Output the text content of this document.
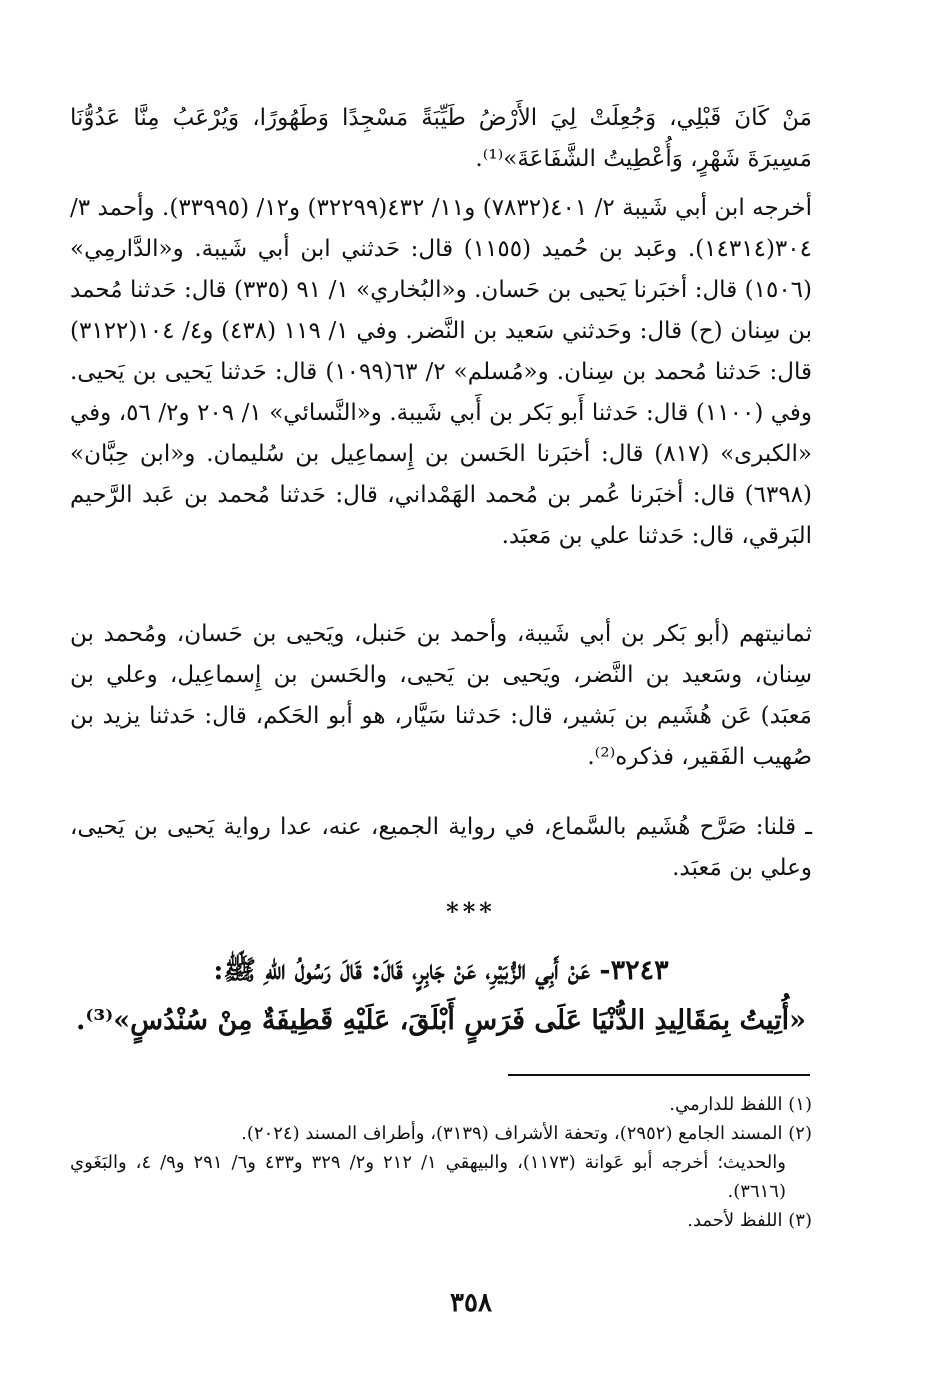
مَنْ كَانَ قَبْلِي، وَجُعِلَتْ لِيَ الأَرْضُ طَيِّبَةً مَسْجِدًا وَطَهُورًا، وَيُرْعَبُ مِنَّا عَدُوُّنَا مَسِيرَةَ شَهْرٍ، وَأُعْطِيتُ الشَّفَاعَةَ»⁽¹⁾.

أخرجه ابن أبي شَيبة ٢/ ٤٠١(٧٨٣٢) و١١/ ٤٣٢(٣٢٢٩٩) و١٢/ (٣٣٩٩٥). وأحمد ٣/ ٣٠٤(١٤٣١٤). وعَبد بن حُميد (١١٥٥) قال: حَدثني ابن أبي شَيبة. و«الدَّارمِي» (١٥٠٦) قال: أخبَرنا يَحيى بن حَسان. و«البُخاري» ١/ ٩١ (٣٣٥) قال: حَدثنا مُحمد بن سِنان (ح) قال: وحَدثني سَعيد بن النَّضر. وفي ١/ ١١٩ (٤٣٨) و٤/ ١٠٤(٣١٢٢) قال: حَدثنا مُحمد بن سِنان. و«مُسلم» ٢/ ٦٣(١٠٩٩) قال: حَدثنا يَحيى بن يَحيى. وفي (١١٠٠) قال: حَدثنا أَبو بَكر بن أَبي شَيبة. و«النَّسائي» ١/ ٢٠٩ و٢/ ٥٦، وفي «الكبرى» (٨١٧) قال: أخبَرنا الحَسن بن إِسماعِيل بن سُليمان. و«ابن حِبَّان» (٦٣٩٨) قال: أخبَرنا عُمر بن مُحمد الهَمْداني، قال: حَدثنا مُحمد بن عَبد الرَّحيم البَرقي، قال: حَدثنا علي بن مَعبَد.

ثمانيتهم (أبو بَكر بن أبي شَيبة، وأحمد بن حَنبل، ويَحيى بن حَسان، ومُحمد بن سِنان، وسَعيد بن النَّضر، ويَحيى بن يَحيى، والحَسن بن إِسماعِيل، وعلي بن مَعبَد) عَن هُشَيم بن بَشير، قال: حَدثنا سَيَّار، هو أبو الحَكم، قال: حَدثنا يزيد بن صُهيب الفَقير، فذكره⁽²⁾.

ـ قلنا: صَرَّح هُشَيم بالسَّماع، في رواية الجميع، عنه، عدا رواية يَحيى بن يَحيى، وعلي بن مَعبَد.

***

٣٢٤٣- عَنْ أَبِي الزُّبَيْرِ، عَنْ جَابِرٍ، قَالَ: قَالَ رَسُولُ اللهِ ﷺ:

«أُتِيتُ بِمَقَالِيدِ الدُّنْيَا عَلَى فَرَسٍ أَبْلَقَ، عَلَيْهِ قَطِيفَةٌ مِنْ سُنْدُسٍ»⁽³⁾.

(١) اللفظ للدارمي.

(٢) المسند الجامع (٢٩٥٢)، وتحفة الأشراف (٣١٣٩)، وأطراف المسند (٢٠٢٤).

والحديث؛ أخرجه أبو عَوانة (١١٧٣)، والبيهقي ١/ ٢١٢ و٢/ ٣٢٩ و٤٣٣ و٦/ ٢٩١ و٩/ ٤، والبَغَوي (٣٦١٦).

(٣) اللفظ لأحمد.

٣٥٨
